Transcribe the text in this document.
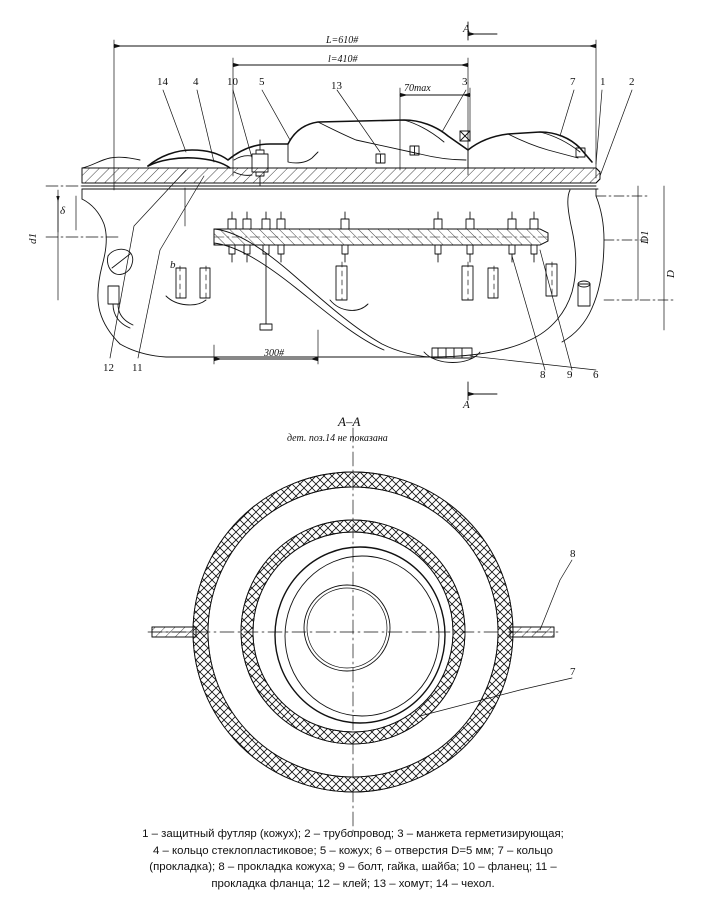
L=610#
l=410#
70max
300#
A
A
d1	D1
D
δ
b
14 4	10 5	13	3	7 1 2
12 11
6
8 9
A–A
дет. поз.14 не показана
8
7
1 – защитный футляр (кожух); 2 – трубопровод; 3 – манжета герметизирующая;
4 – кольцо стеклопластиковое; 5 – кожух; 6 – отверстия D=5 мм; 7 – кольцо
(прокладка); 8 – прокладка кожуха; 9 – болт, гайка, шайба; 10 – фланец; 11 –
прокладка фланца; 12 – клей; 13 – хомут; 14 – чехол.
